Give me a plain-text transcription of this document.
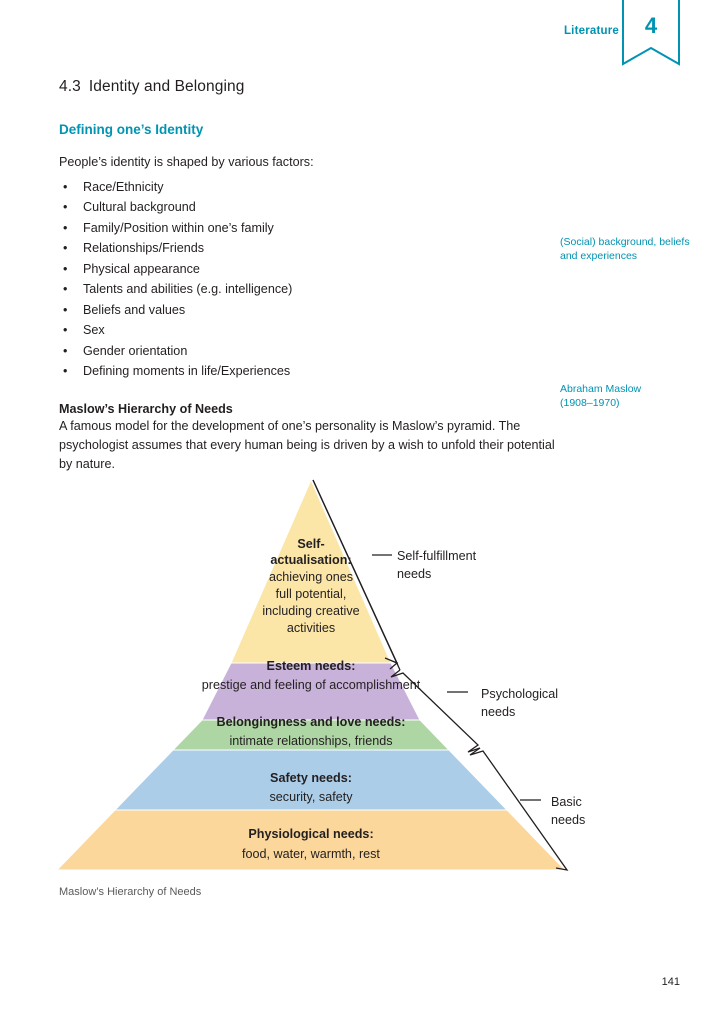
Literature	4
4.3 Identity and Belonging
Defining one’s Identity

People’s identity is shaped by various factors:

• Race/Ethnicity
• Cultural background
• Family/Position within one’s family
• Relationships/Friends
• Physical appearance
• Talents and abilities (e.g. intelligence)
• Beliefs and values
• Sex
• Gender orientation
• Defining moments in life/Experiences
Maslow’s Hierarchy of Needs

A famous model for the development of one’s personality is Maslow’s pyramid. The psychologist assumes that every human being is driven by a wish to unfold their potential by nature.

(Social) background, beliefs and experiences
Abraham Maslow
(1908–1970)
Self-
actualisation:
achieving ones
full potential,
including creative
activities
Esteem needs:
prestige and feeling of accomplishment
Belongingness and love needs:
intimate relationships, friends
Safety needs:
security, safety
Physiological needs:
food, water, warmth, rest
Self-fulfillment
needs
Psychological
needs
Basic
needs
Maslow’s Hierarchy of Needs
141
